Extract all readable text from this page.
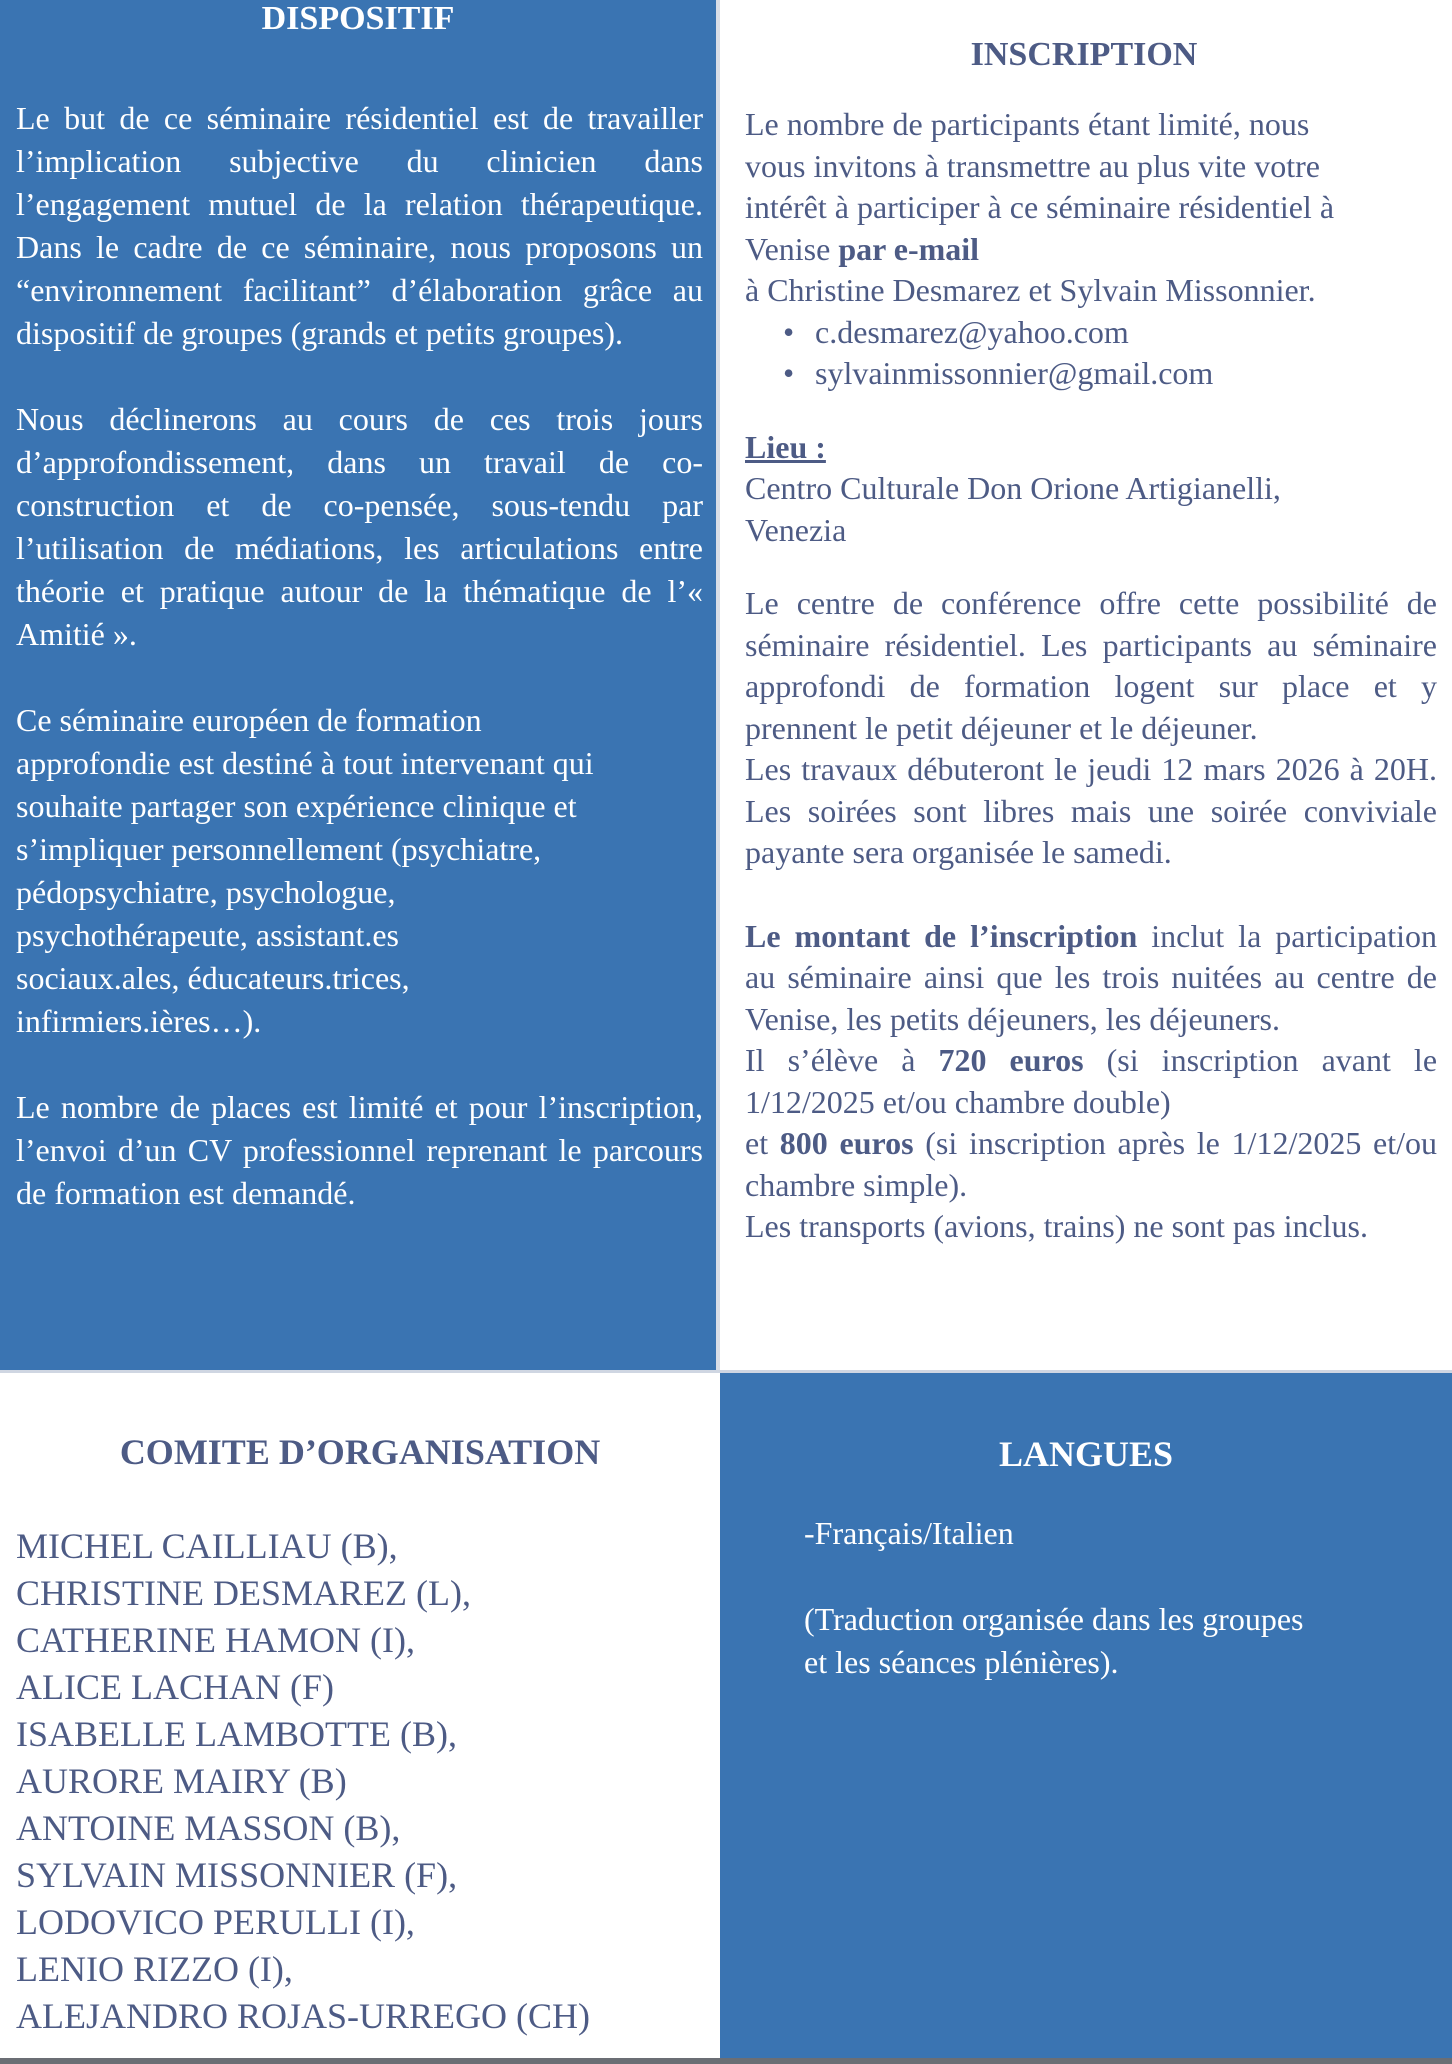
DISPOSITIF

Le but de ce séminaire résidentiel est de travailler l’implication subjective du clinicien dans l’engagement mutuel de la relation thérapeutique. Dans le cadre de ce séminaire, nous proposons un “environnement facilitant” d’élaboration grâce au dispositif de groupes (grands et petits groupes).

Nous déclinerons au cours de ces trois jours d’approfondissement, dans un travail de co-construction et de co-pensée, sous-tendu par l’utilisation de médiations, les articulations entre théorie et pratique autour de la thématique de l’« Amitié ».

Ce séminaire européen de formation
approfondie est destiné à tout intervenant qui
souhaite partager son expérience clinique et
s’impliquer personnellement (psychiatre,
pédopsychiatre, psychologue,
psychothérapeute, assistant.es
sociaux.ales, éducateurs.trices,
infirmiers.ières…).

Le nombre de places est limité et pour l’inscription, l’envoi d’un CV professionnel reprenant le parcours de formation est demandé.

INSCRIPTION

Le nombre de participants étant limité, nous
vous invitons à transmettre au plus vite votre
intérêt à participer à ce séminaire résidentiel à
Venise par e-mail
à Christine Desmarez et Sylvain Missonnier.

• c.desmarez@yahoo.com
• sylvainmissonnier@gmail.com

Lieu :
Centro Culturale Don Orione Artigianelli,
Venezia

Le centre de conférence offre cette possibilité de séminaire résidentiel. Les participants au séminaire approfondi de formation logent sur place et y prennent le petit déjeuner et le déjeuner.

Les travaux débuteront le jeudi 12 mars 2026 à 20H. Les soirées sont libres mais une soirée conviviale payante sera organisée le samedi.

Le montant de l’inscription inclut la participation au séminaire ainsi que les trois nuitées au centre de Venise, les petits déjeuners, les déjeuners.

Il s’élève à 720 euros (si inscription avant le 1/12/2025 et/ou chambre double)

et 800 euros (si inscription après le 1/12/2025 et/ou chambre simple).

Les transports (avions, trains) ne sont pas inclus.

COMITE D’ORGANISATION
MICHEL CAILLIAU (B),
CHRISTINE DESMAREZ (L),
CATHERINE HAMON (I),
ALICE LACHAN (F)
ISABELLE LAMBOTTE (B),
AURORE MAIRY (B)
ANTOINE MASSON (B),
SYLVAIN MISSONNIER (F),
LODOVICO PERULLI (I),
LENIO RIZZO (I),
ALEJANDRO ROJAS-URREGO (CH)
LANGUES

-Français/Italien

(Traduction organisée dans les groupes
et les séances plénières).
